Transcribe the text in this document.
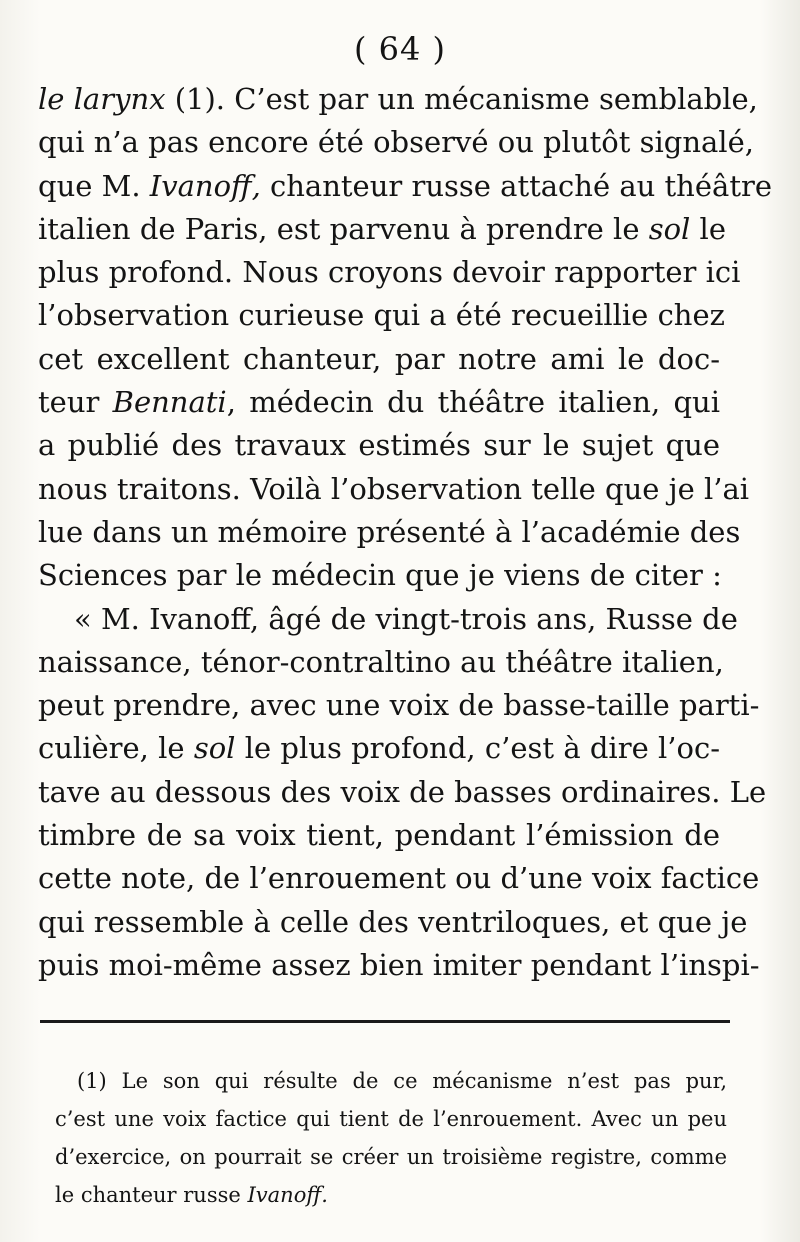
( 64 )
le larynx (1). C’est par un mécanisme semblable,
qui n’a pas encore été observé ou plutôt signalé,
que M. Ivanoff, chanteur russe attaché au théâtre
italien de Paris, est parvenu à prendre le sol le
plus profond. Nous croyons devoir rapporter ici
l’observation curieuse qui a été recueillie chez
cet excellent chanteur, par notre ami le doc-
teur Bennati, médecin du théâtre italien, qui
a publié des travaux estimés sur le sujet que
nous traitons. Voilà l’observation telle que je l’ai
lue dans un mémoire présenté à l’académie des
Sciences par le médecin que je viens de citer :
« M. Ivanoff, âgé de vingt-trois ans, Russe de
naissance, ténor-contraltino au théâtre italien,
peut prendre, avec une voix de basse-taille parti-
culière, le sol le plus profond, c’est à dire l’oc-
tave au dessous des voix de basses ordinaires. Le
timbre de sa voix tient, pendant l’émission de
cette note, de l’enrouement ou d’une voix factice
qui ressemble à celle des ventriloques, et que je
puis moi-même assez bien imiter pendant l’inspi-
(1) Le son qui résulte de ce mécanisme n’est pas pur,
c’est une voix factice qui tient de l’enrouement. Avec un peu
d’exercice, on pourrait se créer un troisième registre, comme
le chanteur russe Ivanoff.
